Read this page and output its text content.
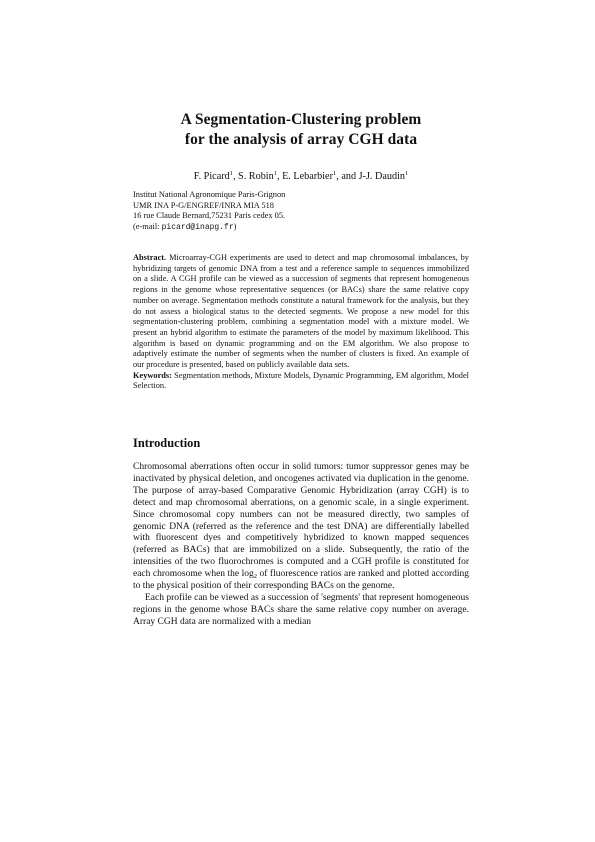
A Segmentation-Clustering problem
for the analysis of array CGH data
F. Picard$^1$, S. Robin$^1$, E. Lebarbier$^1$, and J-J. Daudin$^1$
Institut National Agronomique Paris-Grignon
UMR INA P-G/ENGREF/INRA MIA 518
16 rue Claude Bernard,75231 Paris cedex 05.
(e-mail: picard@inapg.fr)
Abstract. Microarray-CGH experiments are used to detect and map chromosomal imbalances, by hybridizing targets of genomic DNA from a test and a reference sample to sequences immobilized on a slide. A CGH profile can be viewed as a succession of segments that represent homogeneous regions in the genome whose representative sequences (or BACs) share the same relative copy number on average. Segmentation methods constitute a natural framework for the analysis, but they do not assess a biological status to the detected segments. We propose a new model for this segmentation-clustering problem, combining a segmentation model with a mixture model. We present an hybrid algorithm to estimate the parameters of the model by maximum likelihood. This algorithm is based on dynamic programming and on the EM algorithm. We also propose to adaptively estimate the number of segments when the number of clusters is fixed. An example of our procedure is presented, based on publicly available data sets.
Keywords: Segmentation methods, Mixture Models, Dynamic Programming, EM algorithm, Model Selection.
Introduction

Chromosomal aberrations often occur in solid tumors: tumor suppressor genes may be inactivated by physical deletion, and oncogenes activated via duplication in the genome. The purpose of array-based Comparative Genomic Hybridization (array CGH) is to detect and map chromosomal aberrations, on a genomic scale, in a single experiment. Since chromosomal copy numbers can not be measured directly, two samples of genomic DNA (referred as the reference and the test DNA) are differentially labelled with fluorescent dyes and competitively hybridized to known mapped sequences (referred as BACs) that are immobilized on a slide. Subsequently, the ratio of the intensities of the two fluorochromes is computed and a CGH profile is constituted for each chromosome when the $\log_2$ of fluorescence ratios are ranked and plotted according to the physical position of their corresponding BACs on the genome.

Each profile can be viewed as a succession of 'segments' that represent homogeneous regions in the genome whose BACs share the same relative copy number on average. Array CGH data are normalized with a median
